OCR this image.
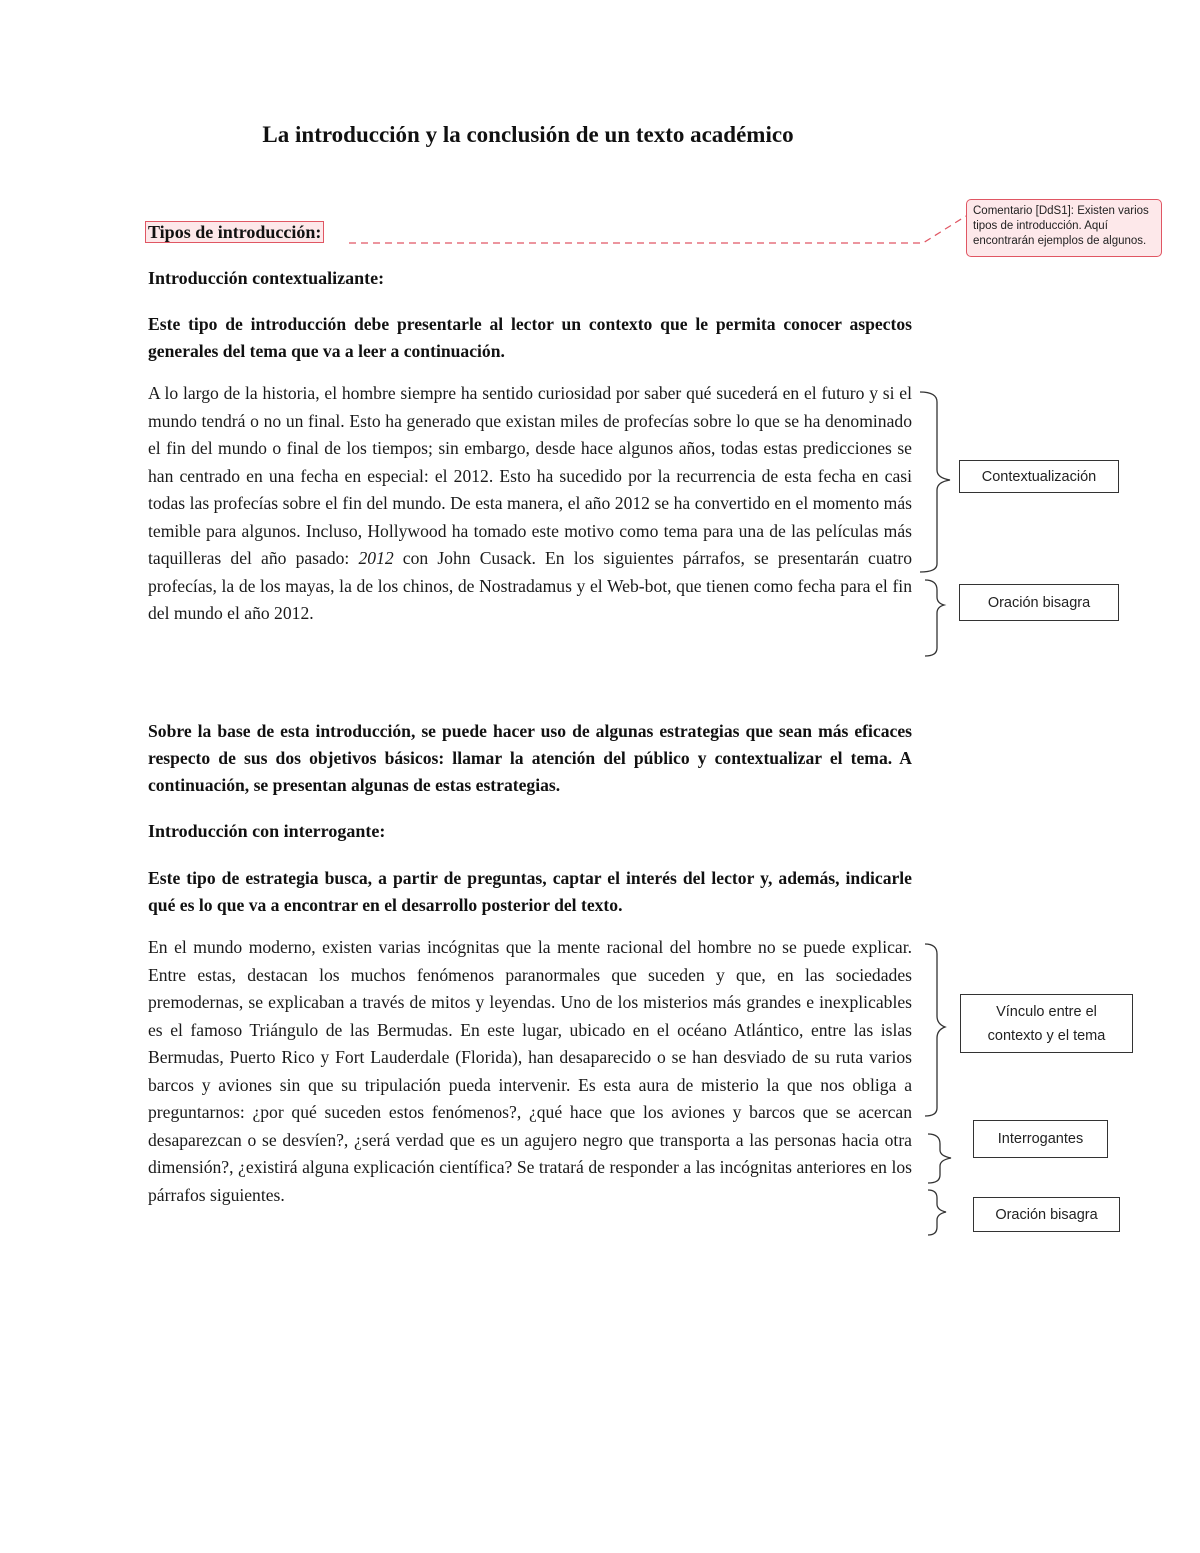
La introducción y la conclusión de un texto académico

Tipos de introducción:

Comentario [DdS1]: Existen varios tipos de introducción. Aquí encontrarán ejemplos de algunos.

Introducción contextualizante:

Este tipo de introducción debe presentarle al lector un contexto que le permita conocer aspectos generales del tema que va a leer a continuación.

A lo largo de la historia, el hombre siempre ha sentido curiosidad por saber qué sucederá en el futuro y si el mundo tendrá o no un final. Esto ha generado que existan miles de profecías sobre lo que se ha denominado el fin del mundo o final de los tiempos; sin embargo, desde hace algunos años, todas estas predicciones se han centrado en una fecha en especial: el 2012. Esto ha sucedido por la recurrencia de esta fecha en casi todas las profecías sobre el fin del mundo. De esta manera, el año 2012 se ha convertido en el momento más temible para algunos. Incluso, Hollywood ha tomado este motivo como tema para una de las películas más taquilleras del año pasado: 2012 con John Cusack. En los siguientes párrafos, se presentarán cuatro profecías, la de los mayas, la de los chinos, de Nostradamus y el Web-bot, que tienen como fecha para el fin del mundo el año 2012.

Sobre la base de esta introducción, se puede hacer uso de algunas estrategias que sean más eficaces respecto de sus dos objetivos básicos: llamar la atención del público y contextualizar el tema. A continuación, se presentan algunas de estas estrategias.

Introducción con interrogante:

Este tipo de estrategia busca, a partir de preguntas, captar el interés del lector y, además, indicarle qué es lo que va a encontrar en el desarrollo posterior del texto.

En el mundo moderno, existen varias incógnitas que la mente racional del hombre no se puede explicar. Entre estas, destacan los muchos fenómenos paranormales que suceden y que, en las sociedades premodernas, se explicaban a través de mitos y leyendas. Uno de los misterios más grandes e inexplicables es el famoso Triángulo de las Bermudas. En este lugar, ubicado en el océano Atlántico, entre las islas Bermudas, Puerto Rico y Fort Lauderdale (Florida), han desaparecido o se han desviado de su ruta varios barcos y aviones sin que su tripulación pueda intervenir. Es esta aura de misterio la que nos obliga a preguntarnos: ¿por qué suceden estos fenómenos?, ¿qué hace que los aviones y barcos que se acercan desaparezcan o se desvíen?, ¿será verdad que es un agujero negro que transporta a las personas hacia otra dimensión?, ¿existirá alguna explicación científica? Se tratará de responder a las incógnitas anteriores en los párrafos siguientes.

Contextualización
Oración bisagra
Vínculo entre el contexto y el tema
Interrogantes
Oración bisagra
